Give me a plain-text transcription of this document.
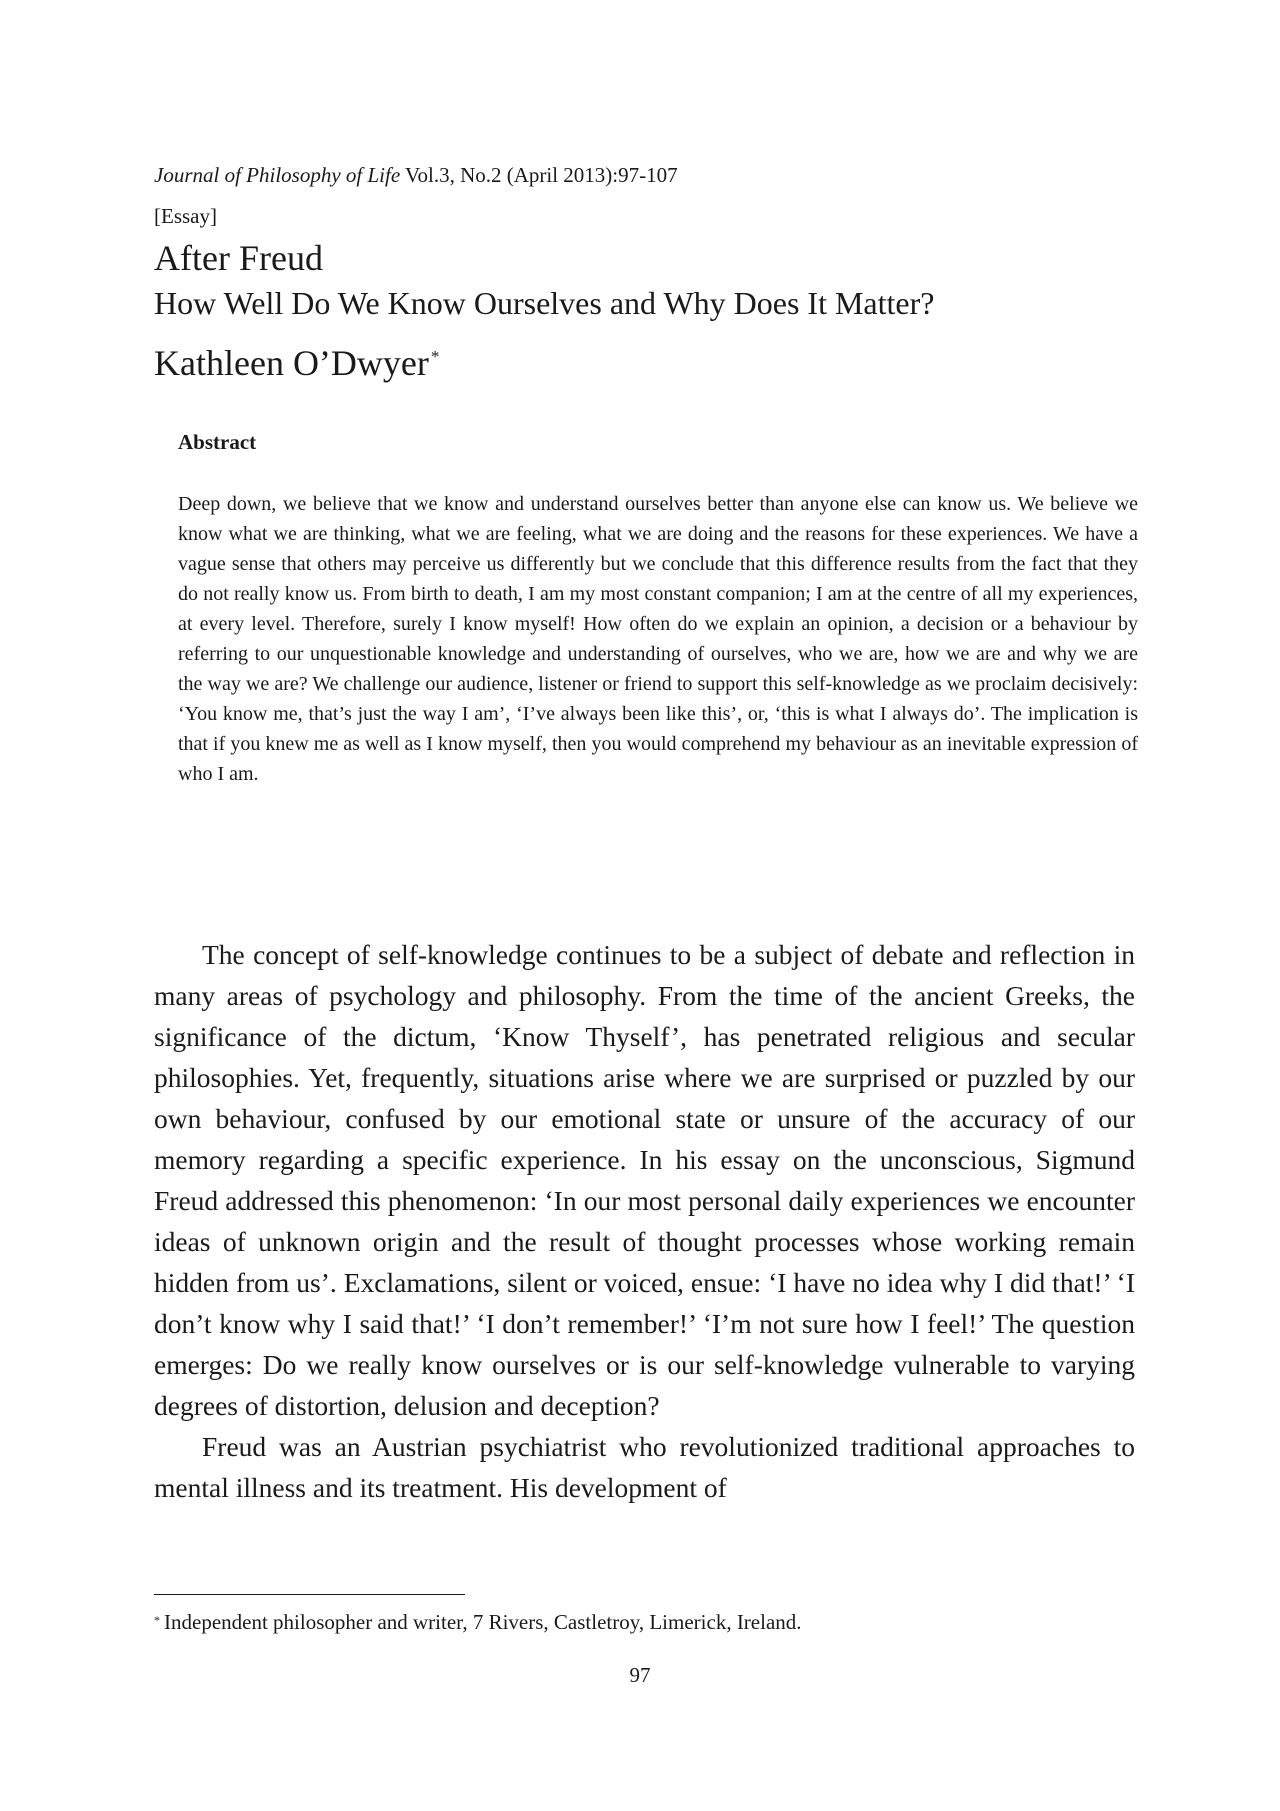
Journal of Philosophy of Life Vol.3, No.2 (April 2013):97-107
[Essay]
After Freud
How Well Do We Know Ourselves and Why Does It Matter?
Kathleen O’Dwyer *
Abstract

Deep down, we believe that we know and understand ourselves better than anyone else can know us. We believe we know what we are thinking, what we are feeling, what we are doing and the reasons for these experiences. We have a vague sense that others may perceive us differently but we conclude that this difference results from the fact that they do not really know us. From birth to death, I am my most constant companion; I am at the centre of all my experiences, at every level. Therefore, surely I know myself! How often do we explain an opinion, a decision or a behaviour by referring to our unquestionable knowledge and understanding of ourselves, who we are, how we are and why we are the way we are? We challenge our audience, listener or friend to support this self-knowledge as we proclaim decisively: ‘You know me, that’s just the way I am’, ‘I’ve always been like this’, or, ‘this is what I always do’. The implication is that if you knew me as well as I know myself, then you would comprehend my behaviour as an inevitable expression of who I am.

The concept of self-knowledge continues to be a subject of debate and reflection in many areas of psychology and philosophy. From the time of the ancient Greeks, the significance of the dictum, ‘Know Thyself’, has penetrated religious and secular philosophies. Yet, frequently, situations arise where we are surprised or puzzled by our own behaviour, confused by our emotional state or unsure of the accuracy of our memory regarding a specific experience. In his essay on the unconscious, Sigmund Freud addressed this phenomenon: ‘In our most personal daily experiences we encounter ideas of unknown origin and the result of thought processes whose working remain hidden from us’. Exclamations, silent or voiced, ensue: ‘I have no idea why I did that!’ ‘I don’t know why I said that!’ ‘I don’t remember!’ ‘I’m not sure how I feel!’ The question emerges: Do we really know ourselves or is our self-knowledge vulnerable to varying degrees of distortion, delusion and deception?

Freud was an Austrian psychiatrist who revolutionized traditional approaches to mental illness and its treatment. His development of

* Independent philosopher and writer, 7 Rivers, Castletroy, Limerick, Ireland.
97
